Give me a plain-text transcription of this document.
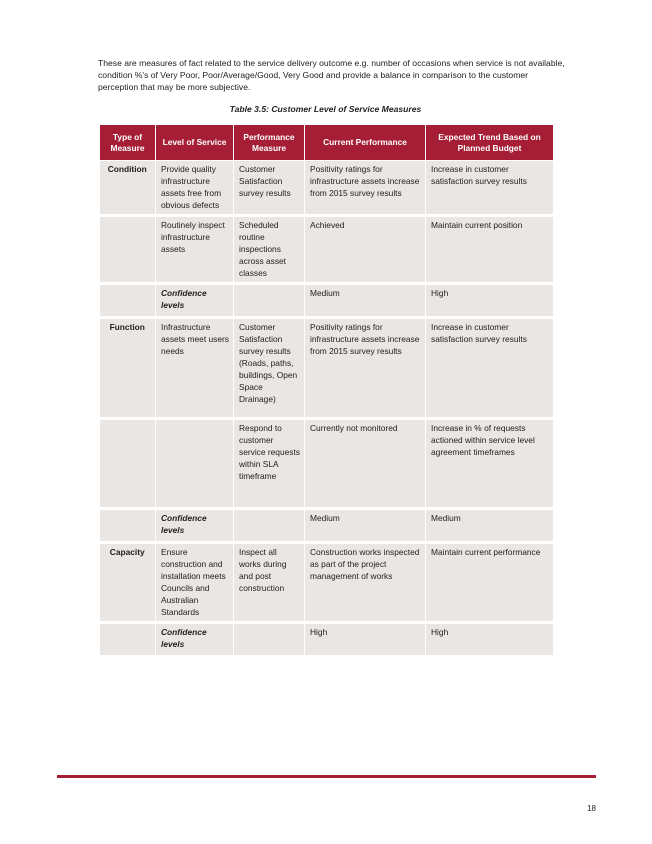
These are measures of fact related to the service delivery outcome e.g. number of occasions when service is not available, condition %'s of Very Poor, Poor/Average/Good, Very Good and provide a balance in comparison to the customer perception that may be more subjective.

Table 3.5: Customer Level of Service Measures

Type of Measure	Level of Service	Performance Measure	Current Performance	Expected Trend Based on Planned Budget
Condition	Provide quality infrastructure assets free from obvious defects	Customer Satisfaction survey results	Positivity ratings for infrastructure assets increase from 2015 survey results	Increase in customer satisfaction survey results
	Routinely inspect infrastructure assets	Scheduled routine inspections across asset classes	Achieved	Maintain current position
	Confidence levels		Medium	High
Function	Infrastructure assets meet users needs	Customer Satisfaction survey results (Roads, paths, buildings, Open Space Drainage)	Positivity ratings for infrastructure assets increase from 2015 survey results	Increase in customer satisfaction survey results
		Respond to customer service requests within SLA timeframe	Currently not monitored	Increase in % of requests actioned within service level agreement timeframes
	Confidence levels		Medium	Medium
Capacity	Ensure construction and installation meets Councils and Australian Standards	Inspect all works during and post construction	Construction works inspected as part of the project management of works	Maintain current performance
	Confidence levels		High	High
18
